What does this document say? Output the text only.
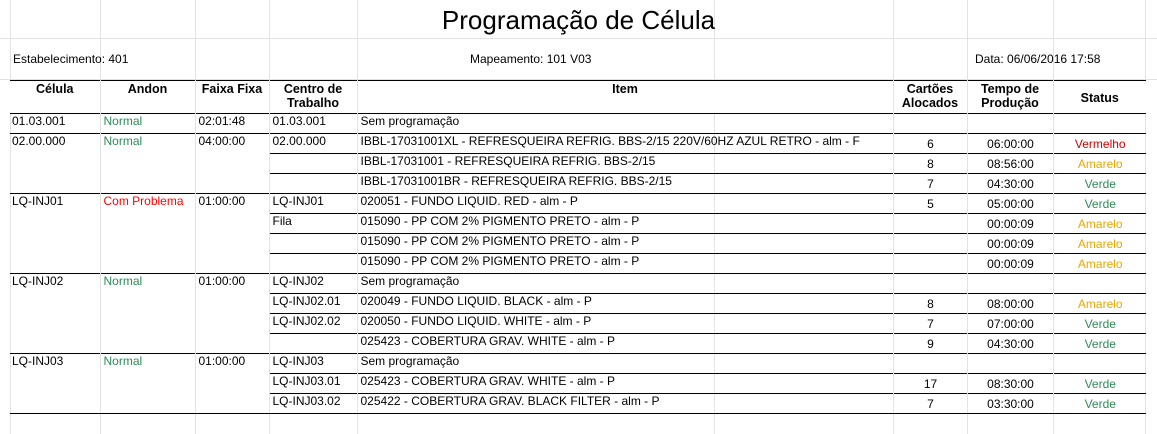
Programação de Célula
Estabelecimento: 401	Mapeamento: 101 V03	Data: 06/06/2016 17:58
Célula	Andon	Faixa Fixa	Centro de Trabalho	Item	Cartões Alocados	Tempo de Produção	Status
01.03.001	Normal	02:01:48	01.03.001	Sem programação			
02.00.000	Normal	04:00:00	02.00.000	IBBL-17031001XL - REFRESQUEIRA REFRIG. BBS-2/15 220V/60HZ AZUL RETRO - alm - F	6	06:00:00	Vermelho
				IBBL-17031001 - REFRESQUEIRA REFRIG. BBS-2/15	8	08:56:00	Amarelo
				IBBL-17031001BR - REFRESQUEIRA REFRIG. BBS-2/15	7	04:30:00	Verde
LQ-INJ01	Com Problema	01:00:00	LQ-INJ01	020051 - FUNDO LIQUID. RED - alm - P	5	05:00:00	Verde
			Fila	015090 - PP COM 2% PIGMENTO PRETO - alm - P		00:00:09	Amarelo
				015090 - PP COM 2% PIGMENTO PRETO - alm - P		00:00:09	Amarelo
				015090 - PP COM 2% PIGMENTO PRETO - alm - P		00:00:09	Amarelo
LQ-INJ02	Normal	01:00:00	LQ-INJ02	Sem programação			
			LQ-INJ02.01	020049 - FUNDO LIQUID. BLACK - alm - P	8	08:00:00	Amarelo
			LQ-INJ02.02	020050 - FUNDO LIQUID. WHITE - alm - P	7	07:00:00	Verde
				025423 - COBERTURA GRAV. WHITE - alm - P	9	04:30:00	Verde
LQ-INJ03	Normal	01:00:00	LQ-INJ03	Sem programação			
			LQ-INJ03.01	025423 - COBERTURA GRAV. WHITE - alm - P	17	08:30:00	Verde
			LQ-INJ03.02	025422 - COBERTURA GRAV. BLACK FILTER - alm - P	7	03:30:00	Verde
